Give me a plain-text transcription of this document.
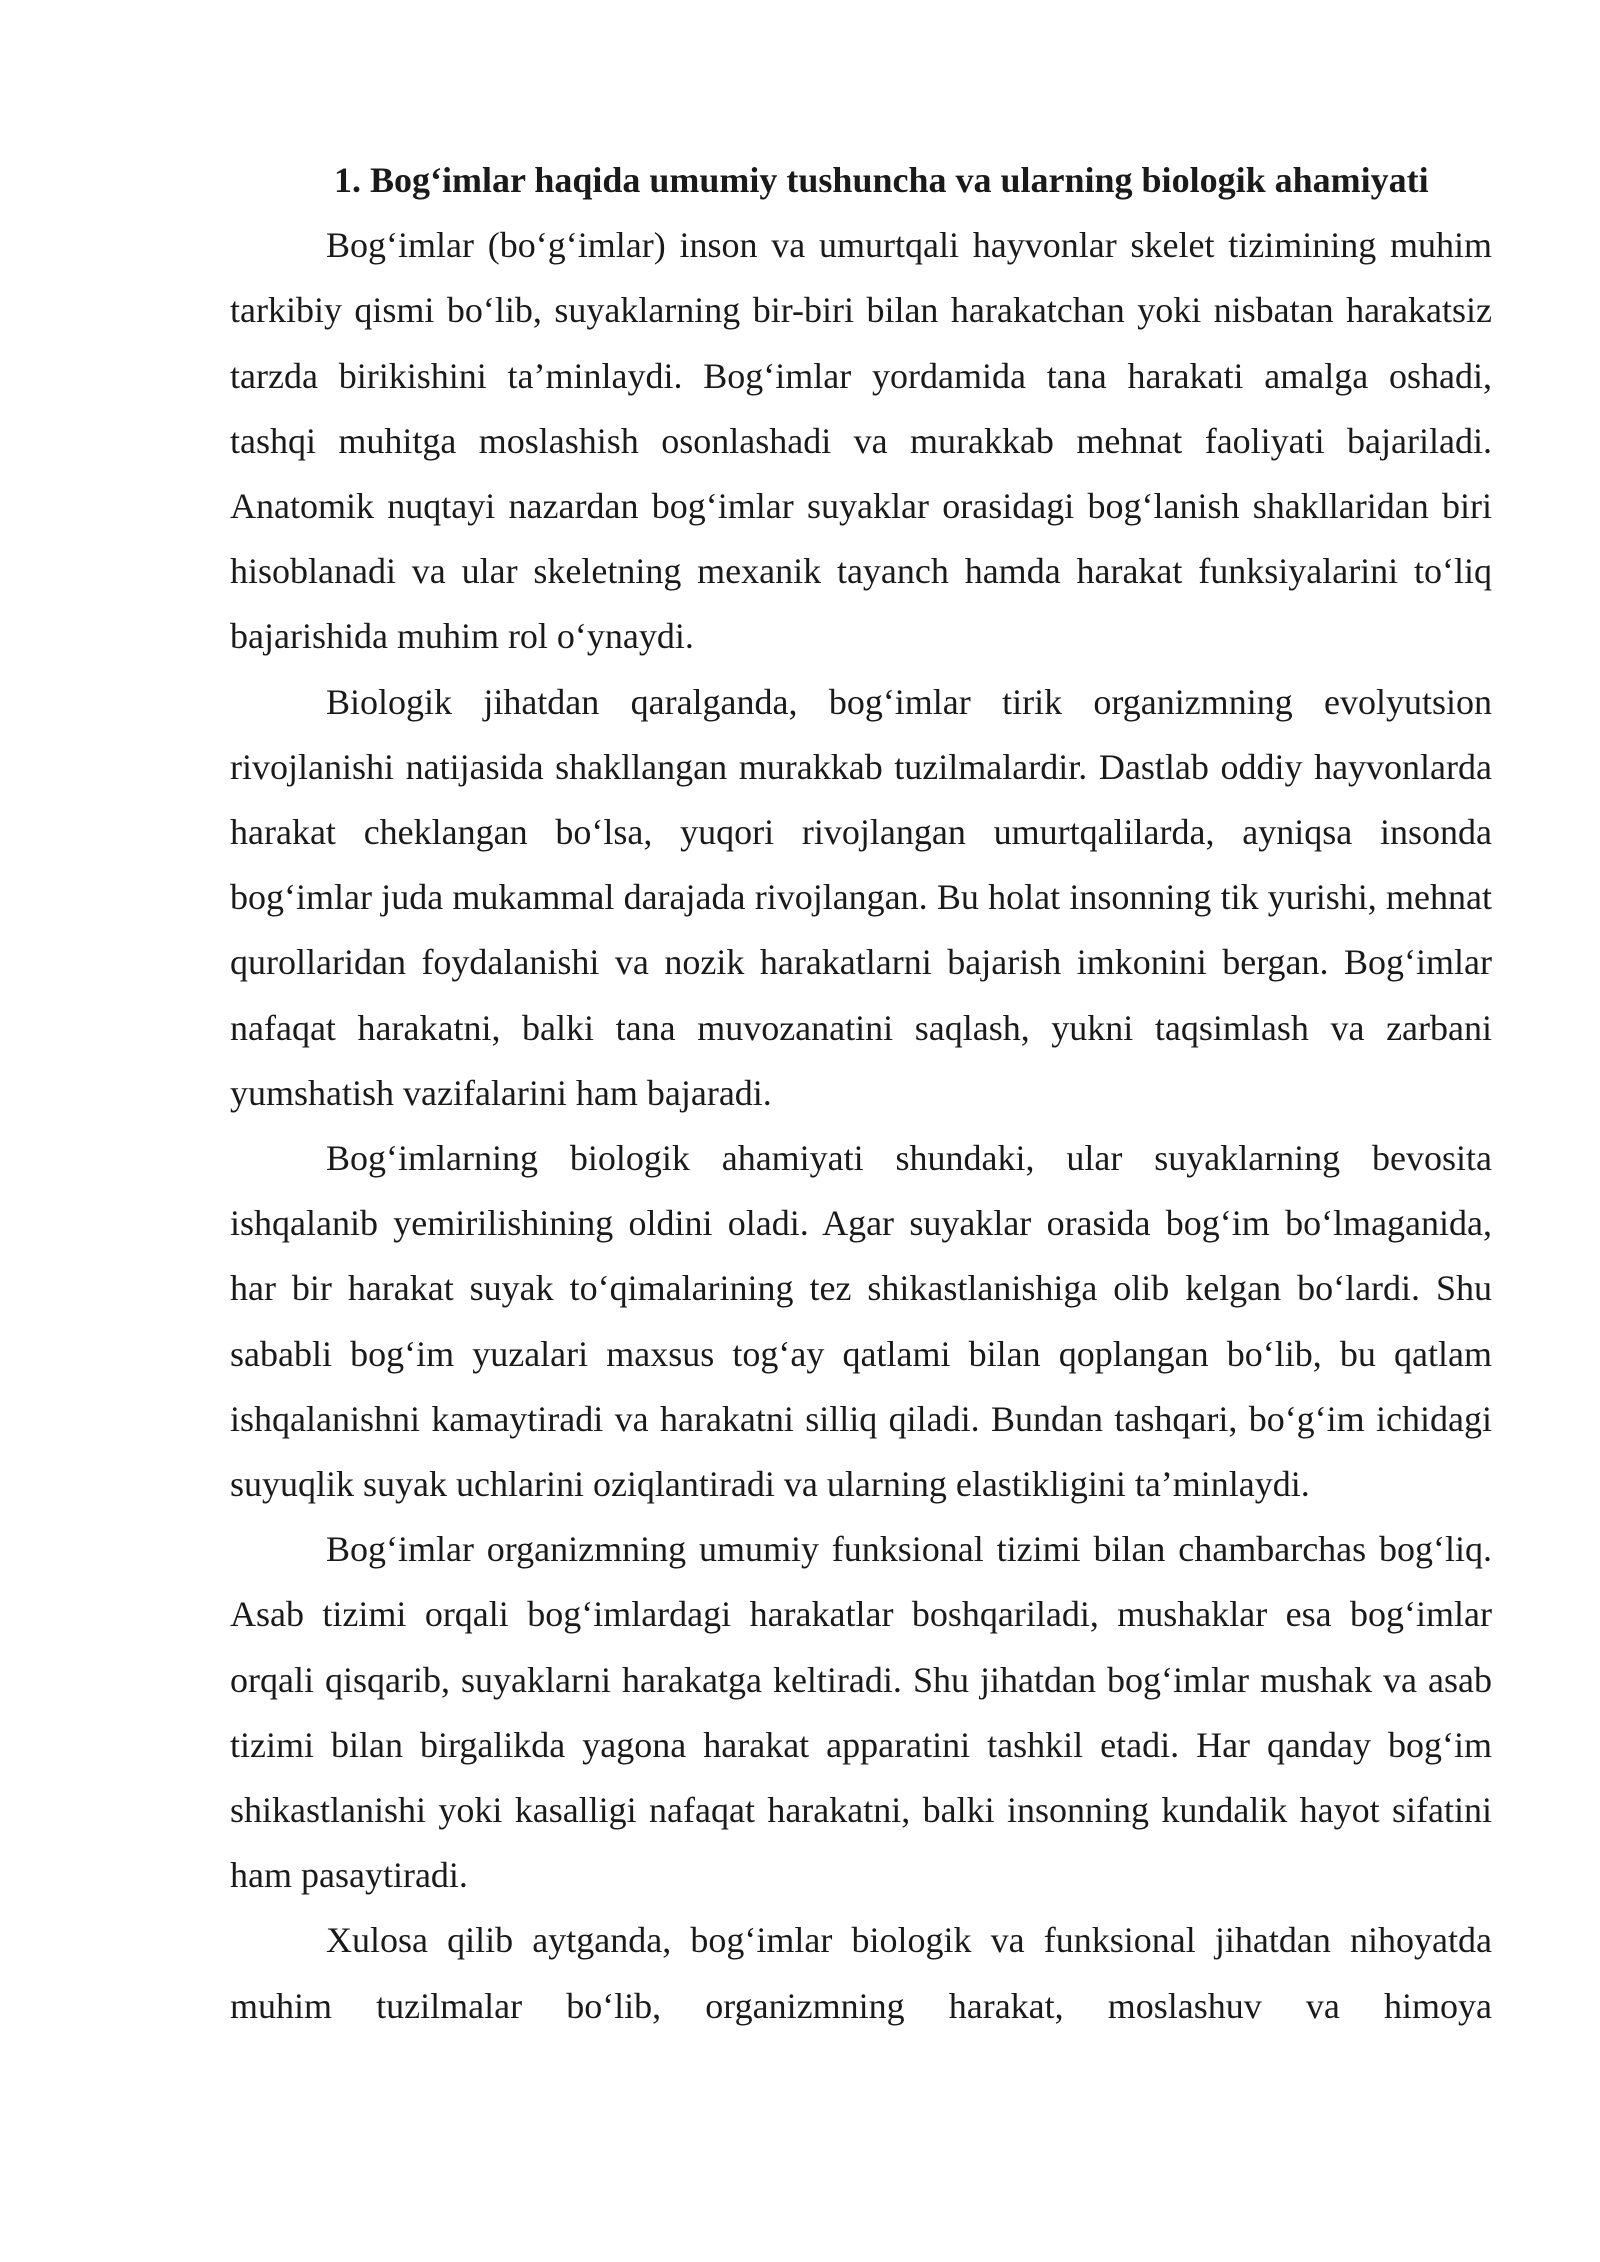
1. Bog‘imlar haqida umumiy tushuncha va ularning biologik ahamiyati

Bog‘imlar (bo‘g‘imlar) inson va umurtqali hayvonlar skelet tizimining muhim tarkibiy qismi bo‘lib, suyaklarning bir-biri bilan harakatchan yoki nisbatan harakatsiz tarzda birikishini ta’minlaydi. Bog‘imlar yordamida tana harakati amalga oshadi, tashqi muhitga moslashish osonlashadi va murakkab mehnat faoliyati bajariladi. Anatomik nuqtayi nazardan bog‘imlar suyaklar orasidagi bog‘lanish shakllaridan biri hisoblanadi va ular skeletning mexanik tayanch hamda harakat funksiyalarini to‘liq bajarishida muhim rol o‘ynaydi.

Biologik jihatdan qaralganda, bog‘imlar tirik organizmning evolyutsion rivojlanishi natijasida shakllangan murakkab tuzilmalardir. Dastlab oddiy hayvonlarda harakat cheklangan bo‘lsa, yuqori rivojlangan umurtqalilarda, ayniqsa insonda bog‘imlar juda mukammal darajada rivojlangan. Bu holat insonning tik yurishi, mehnat qurollaridan foydalanishi va nozik harakatlarni bajarish imkonini bergan. Bog‘imlar nafaqat harakatni, balki tana muvozanatini saqlash, yukni taqsimlash va zarbani yumshatish vazifalarini ham bajaradi.

Bog‘imlarning biologik ahamiyati shundaki, ular suyaklarning bevosita ishqalanib yemirilishining oldini oladi. Agar suyaklar orasida bog‘im bo‘lmaganida, har bir harakat suyak to‘qimalarining tez shikastlanishiga olib kelgan bo‘lardi. Shu sababli bog‘im yuzalari maxsus tog‘ay qatlami bilan qoplangan bo‘lib, bu qatlam ishqalanishni kamaytiradi va harakatni silliq qiladi. Bundan tashqari, bo‘g‘im ichidagi suyuqlik suyak uchlarini oziqlantiradi va ularning elastikligini ta’minlaydi.

Bog‘imlar organizmning umumiy funksional tizimi bilan chambarchas bog‘liq. Asab tizimi orqali bog‘imlardagi harakatlar boshqariladi, mushaklar esa bog‘imlar orqali qisqarib, suyaklarni harakatga keltiradi. Shu jihatdan bog‘imlar mushak va asab tizimi bilan birgalikda yagona harakat apparatini tashkil etadi. Har qanday bog‘im shikastlanishi yoki kasalligi nafaqat harakatni, balki insonning kundalik hayot sifatini ham pasaytiradi.

Xulosa qilib aytganda, bog‘imlar biologik va funksional jihatdan nihoyatda muhim tuzilmalar bo‘lib, organizmning harakat, moslashuv va himoya
